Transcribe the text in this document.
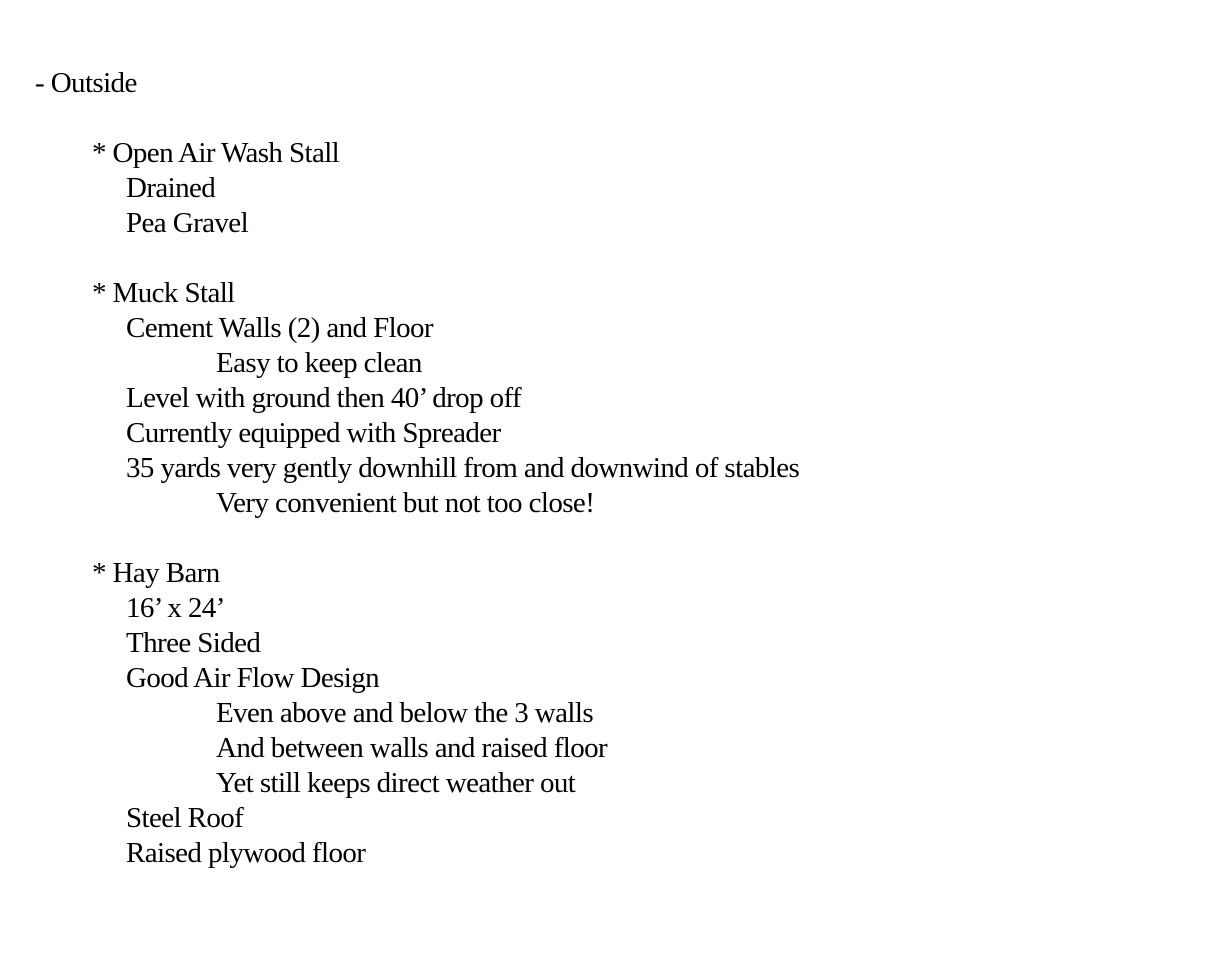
- Outside
* Open Air Wash Stall
Drained
Pea Gravel
* Muck Stall
Cement Walls (2) and Floor
Easy to keep clean
Level with ground then 40’ drop off
Currently equipped with Spreader
35 yards very gently downhill from and downwind of stables
Very convenient but not too close!
* Hay Barn
16’ x 24’
Three Sided
Good Air Flow Design
Even above and below the 3 walls
And between walls and raised floor
Yet still keeps direct weather out
Steel Roof
Raised plywood floor
